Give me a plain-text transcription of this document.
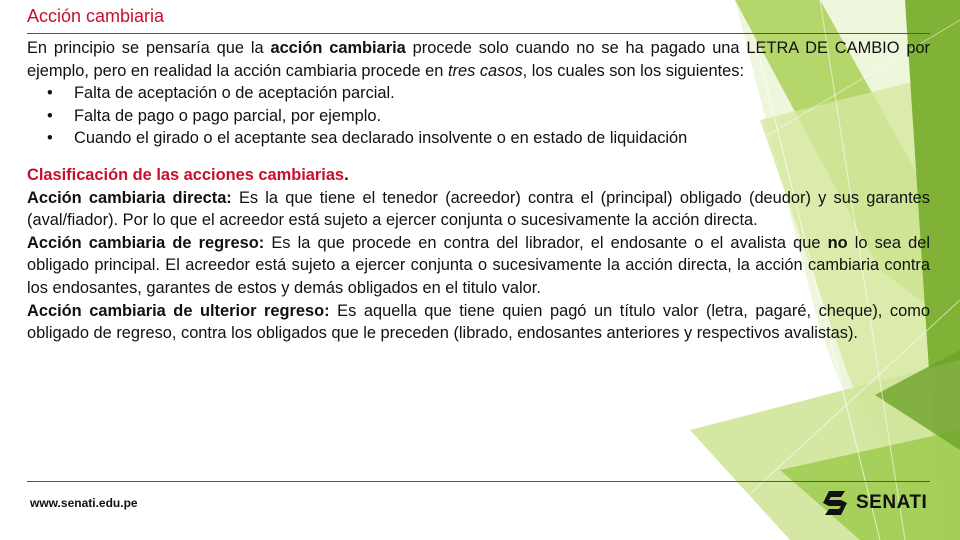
Acción cambiaria

En principio se pensaría que la acción cambiaria procede solo cuando no se ha pagado una LETRA DE CAMBIO por ejemplo, pero en realidad la acción cambiaria procede en tres casos, los cuales son los siguientes:

• Falta de aceptación o de aceptación parcial.
• Falta de pago o pago parcial, por ejemplo.
• Cuando el girado o el aceptante sea declarado insolvente o en estado de liquidación

Clasificación de las acciones cambiarias.

Acción cambiaria directa: Es la que tiene el tenedor (acreedor) contra el (principal) obligado (deudor) y sus garantes (aval/fiador). Por lo que el acreedor está sujeto a ejercer conjunta o sucesivamente la acción directa.

Acción cambiaria de regreso: Es la que procede en contra del librador, el endosante o el avalista que no lo sea del obligado principal. El acreedor está sujeto a ejercer conjunta o sucesivamente la acción directa, la acción cambiaria contra los endosantes, garantes de estos y demás obligados en el titulo valor.

Acción cambiaria de ulterior regreso: Es aquella que tiene quien pagó un título valor (letra, pagaré, cheque), como obligado de regreso, contra los obligados que le preceden (librado, endosantes anteriores y respectivos avalistas).

www.senati.edu.pe	SENATI
